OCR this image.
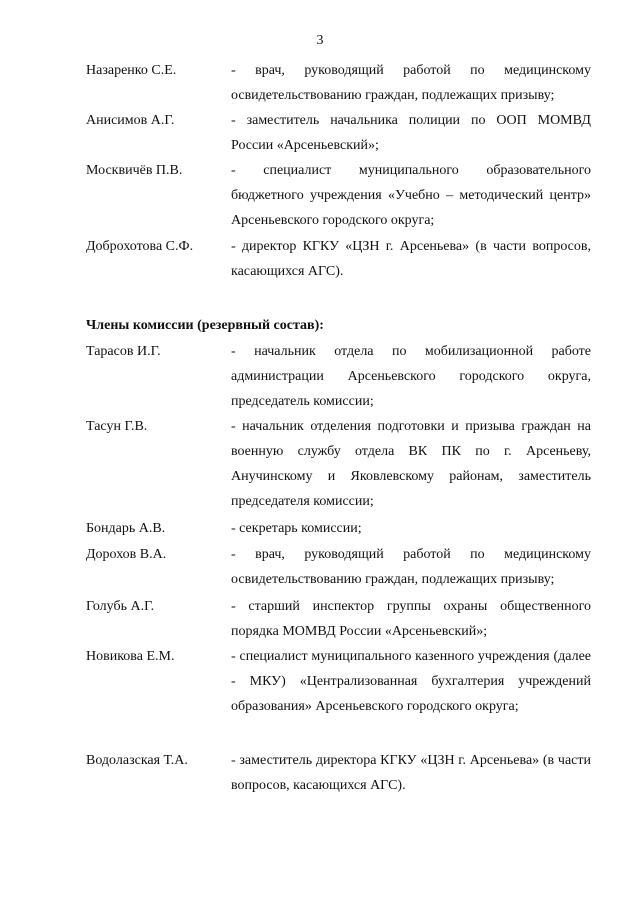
3
Назаренко С.Е.	- врач, руководящий работой по медицинскому освидетельствованию граждан, подлежащих призыву;
Анисимов А.Г.	- заместитель начальника полиции по ООП МОМВД России «Арсеньевский»;
Москвичёв П.В.	- специалист муниципального образовательного бюджетного учреждения «Учебно – методический центр» Арсеньевского городского округа;
Доброхотова С.Ф.	- директор КГКУ «ЦЗН г. Арсеньева» (в части вопросов, касающихся АГС).
Члены комиссии (резервный состав):
Тарасов И.Г.	- начальник отдела по мобилизационной работе администрации Арсеньевского городского округа, председатель комиссии;
Тасун Г.В.	- начальник отделения подготовки и призыва граждан на военную службу отдела ВК ПК по г. Арсеньеву, Анучинскому и Яковлевскому районам, заместитель председателя комиссии;
Бондарь А.В.	- секретарь комиссии;
Дорохов В.А.	- врач, руководящий работой по медицинскому освидетельствованию граждан, подлежащих призыву;
Голубь А.Г.	- старший инспектор группы охраны общественного порядка МОМВД России «Арсеньевский»;
Новикова Е.М.	- специалист муниципального казенного учреждения (далее - МКУ) «Централизованная бухгалтерия учреждений образования» Арсеньевского городского округа;
Водолазская Т.А.	- заместитель директора КГКУ «ЦЗН г. Арсеньева» (в части вопросов, касающихся АГС).
